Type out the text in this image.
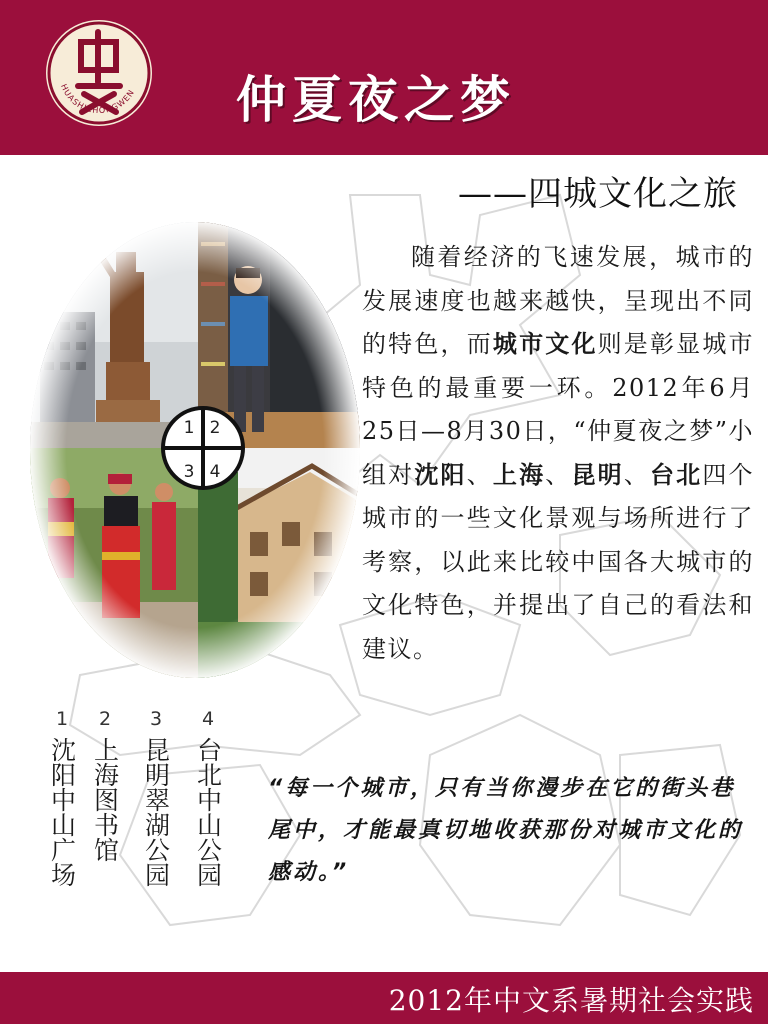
HUASHIZHONGWEN 仲夏夜之梦
——四城文化之旅
1 2
3 4
1
沈阳中山广场
2
上海图书馆
3
昆明翠湖公园
4
台北中山公园
随着经济的飞速发展，城市的发展速度也越来越快，呈现出不同的特色，而城市文化则是彰显城市特色的最重要一环。2012年6月25日—8月30日，“仲夏夜之梦”小组对沈阳、上海、昆明、台北四个城市的一些文化景观与场所进行了考察，以此来比较中国各大城市的文化特色，并提出了自己的看法和建议。
“每一个城市，只有当你漫步在它的街头巷尾中，才能最真切地收获那份对城市文化的感动。”
2012年中文系暑期社会实践
